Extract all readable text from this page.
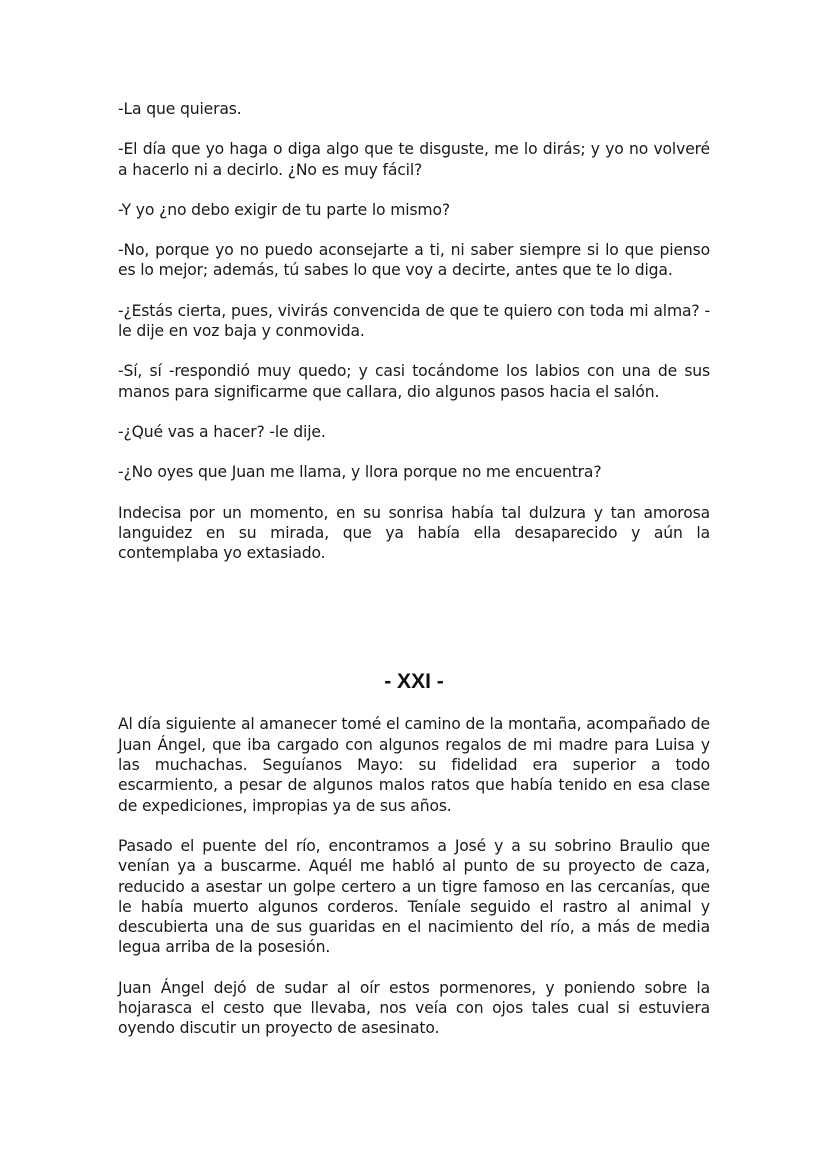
-La que quieras.

-El día que yo haga o diga algo que te disguste, me lo dirás; y yo no volveré a hacerlo ni a decirlo. ¿No es muy fácil?

-Y yo ¿no debo exigir de tu parte lo mismo?

-No, porque yo no puedo aconsejarte a ti, ni saber siempre si lo que pienso es lo mejor; además, tú sabes lo que voy a decirte, antes que te lo diga.

-¿Estás cierta, pues, vivirás convencida de que te quiero con toda mi alma? -le dije en voz baja y conmovida.

-Sí, sí -respondió muy quedo; y casi tocándome los labios con una de sus manos para significarme que callara, dio algunos pasos hacia el salón.

-¿Qué vas a hacer? -le dije.

-¿No oyes que Juan me llama, y llora porque no me encuentra?

Indecisa por un momento, en su sonrisa había tal dulzura y tan amorosa languidez en su mirada, que ya había ella desaparecido y aún la contemplaba yo extasiado.

- XXI -

Al día siguiente al amanecer tomé el camino de la montaña, acompañado de Juan Ángel, que iba cargado con algunos regalos de mi madre para Luisa y las muchachas. Seguíanos Mayo: su fidelidad era superior a todo escarmiento, a pesar de algunos malos ratos que había tenido en esa clase de expediciones, impropias ya de sus años.

Pasado el puente del río, encontramos a José y a su sobrino Braulio que venían ya a buscarme. Aquél me habló al punto de su proyecto de caza, reducido a asestar un golpe certero a un tigre famoso en las cercanías, que le había muerto algunos corderos. Teníale seguido el rastro al animal y descubierta una de sus guaridas en el nacimiento del río, a más de media legua arriba de la posesión.

Juan Ángel dejó de sudar al oír estos pormenores, y poniendo sobre la hojarasca el cesto que llevaba, nos veía con ojos tales cual si estuviera oyendo discutir un proyecto de asesinato.
